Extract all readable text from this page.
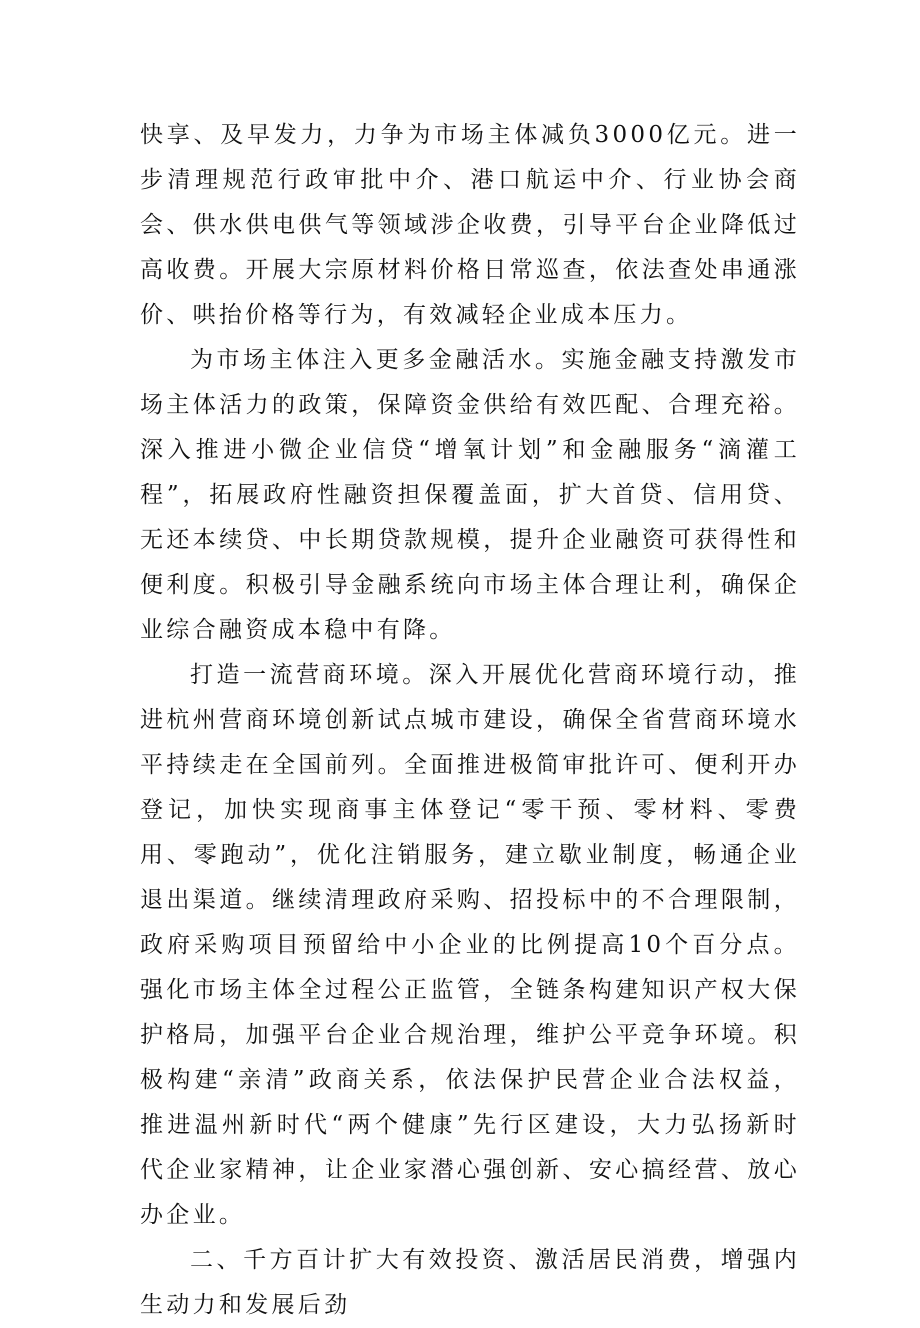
快享、及早发力，力争为市场主体减负3000亿元。进一步清理规范行政审批中介、港口航运中介、行业协会商会、供水供电供气等领域涉企收费，引导平台企业降低过高收费。开展大宗原材料价格日常巡查，依法查处串通涨价、哄抬价格等行为，有效减轻企业成本压力。

为市场主体注入更多金融活水。实施金融支持激发市场主体活力的政策，保障资金供给有效匹配、合理充裕。深入推进小微企业信贷“增氧计划”和金融服务“滴灌工程”，拓展政府性融资担保覆盖面，扩大首贷、信用贷、无还本续贷、中长期贷款规模，提升企业融资可获得性和便利度。积极引导金融系统向市场主体合理让利，确保企业综合融资成本稳中有降。

打造一流营商环境。深入开展优化营商环境行动，推进杭州营商环境创新试点城市建设，确保全省营商环境水平持续走在全国前列。全面推进极简审批许可、便利开办登记，加快实现商事主体登记“零干预、零材料、零费用、零跑动”，优化注销服务，建立歇业制度，畅通企业退出渠道。继续清理政府采购、招投标中的不合理限制，政府采购项目预留给中小企业的比例提高10个百分点。强化市场主体全过程公正监管，全链条构建知识产权大保护格局，加强平台企业合规治理，维护公平竞争环境。积极构建“亲清”政商关系，依法保护民营企业合法权益，推进温州新时代“两个健康”先行区建设，大力弘扬新时代企业家精神，让企业家潜心强创新、安心搞经营、放心办企业。

二、千方百计扩大有效投资、激活居民消费，增强内生动力和发展后劲
